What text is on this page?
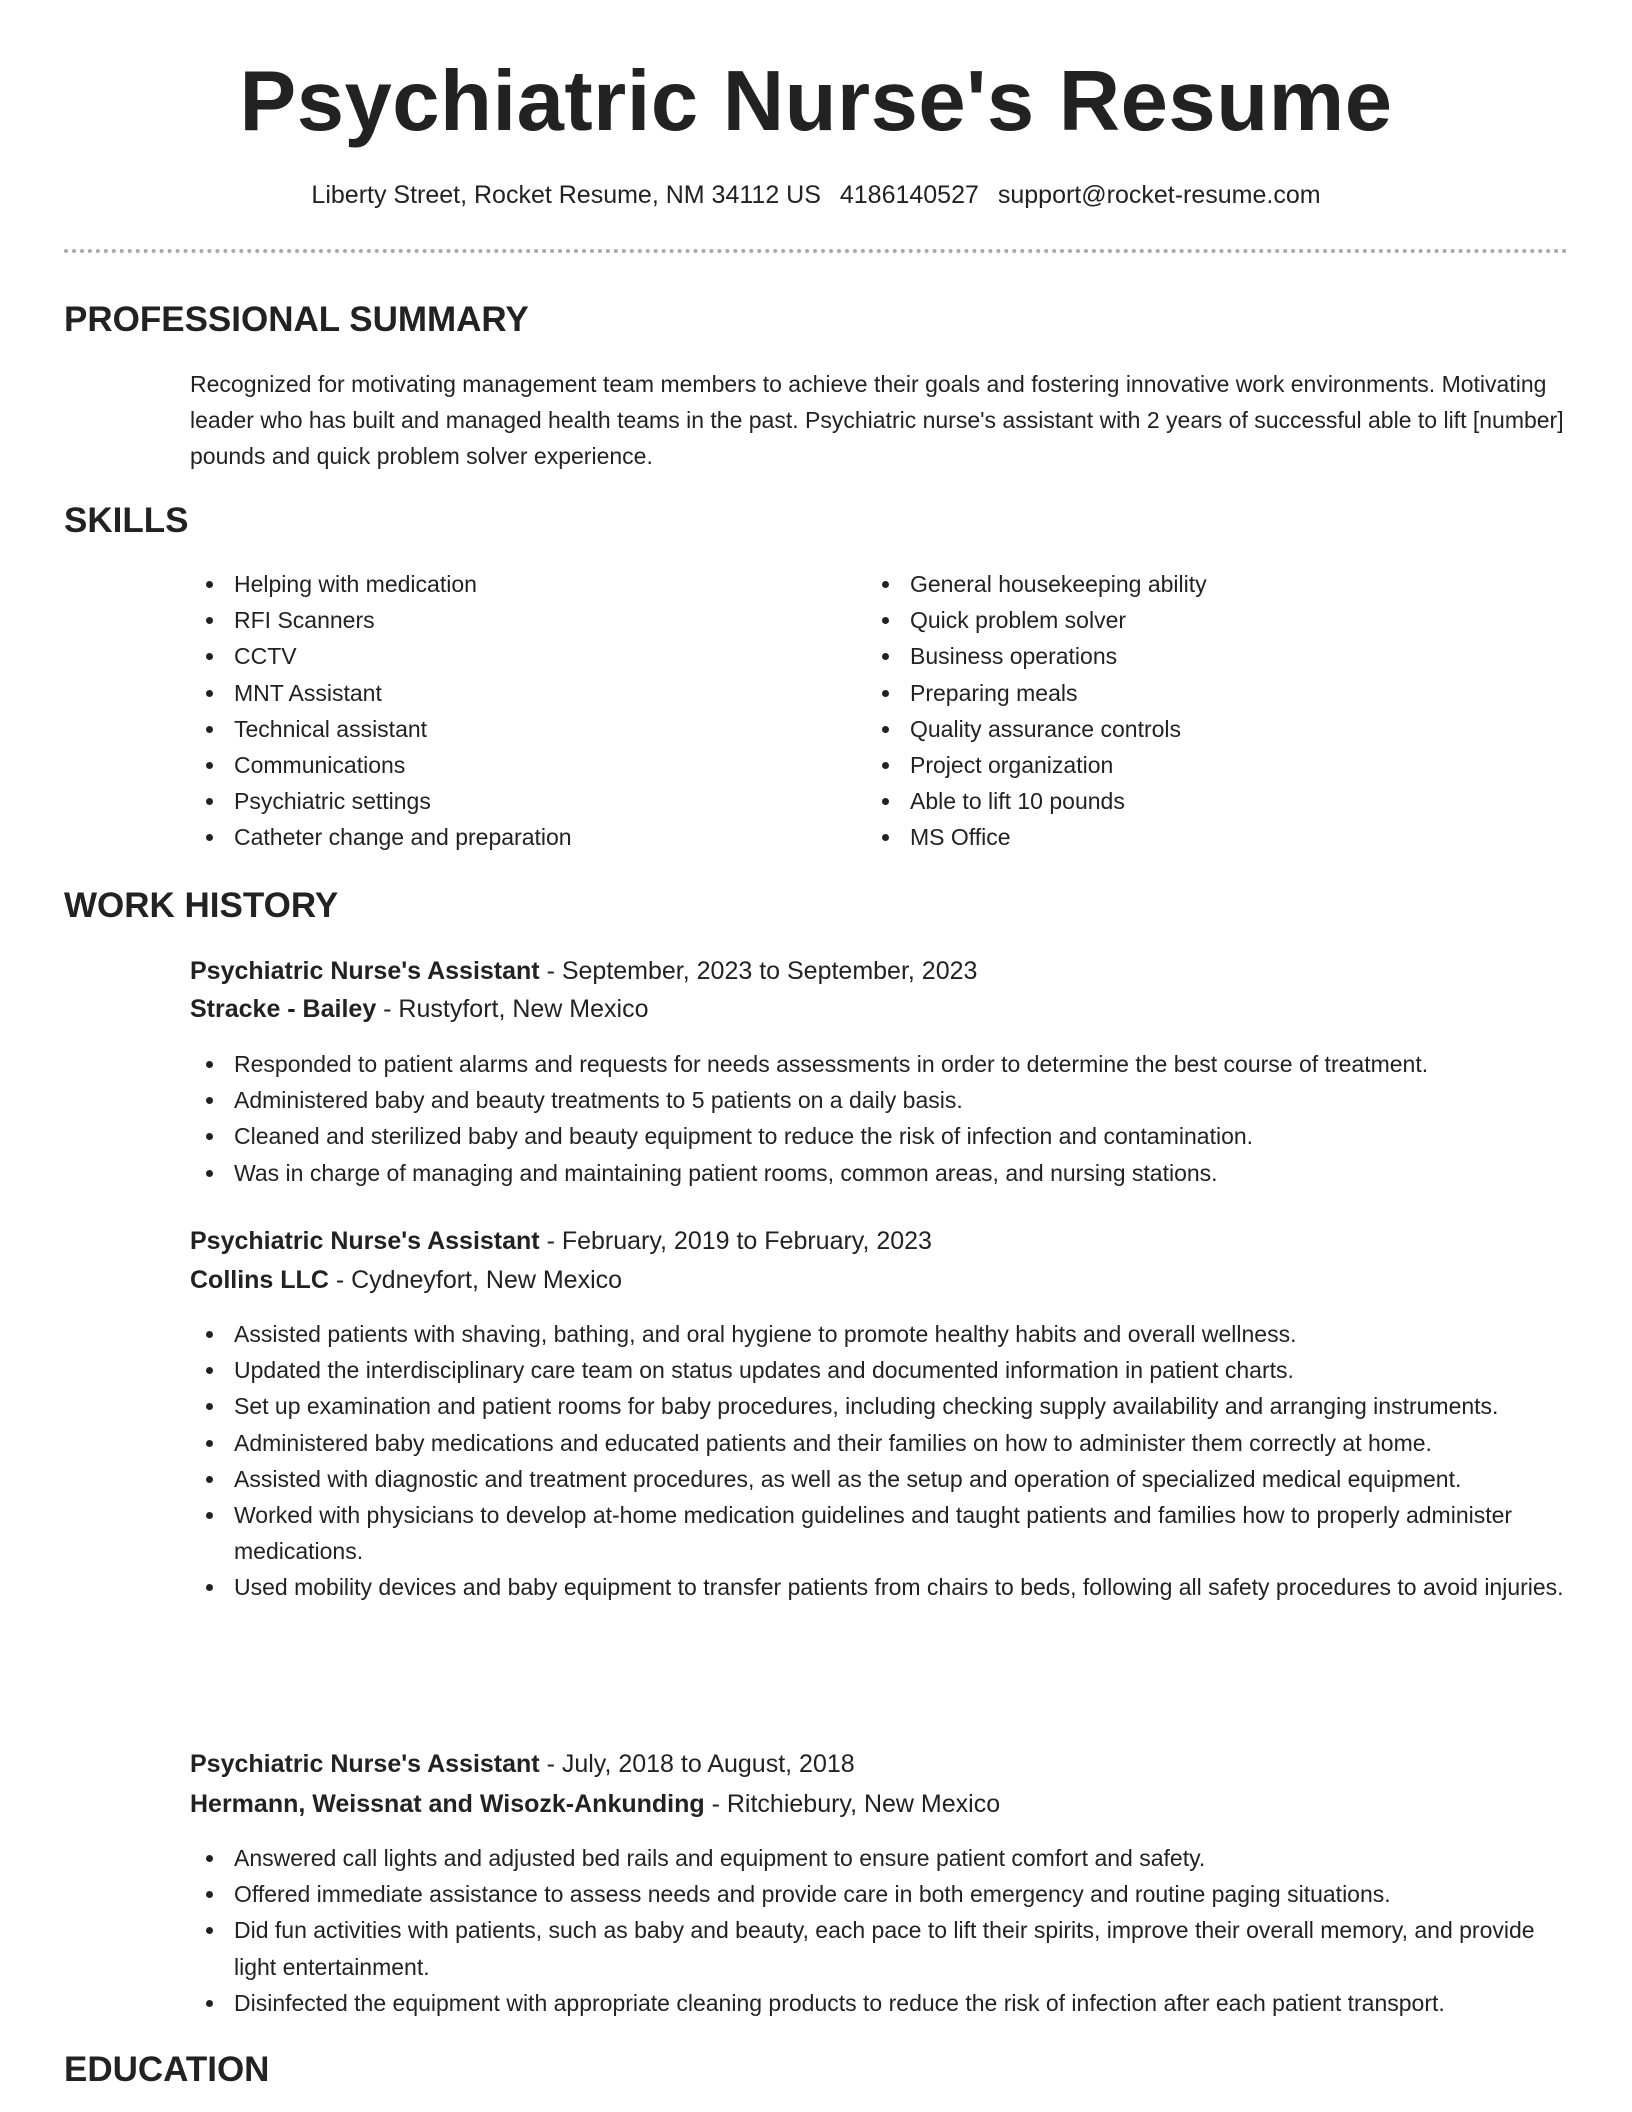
Psychiatric Nurse's Resume
Liberty Street, Rocket Resume, NM 34112 US 4186140527 support@rocket-resume.com
PROFESSIONAL SUMMARY

Recognized for motivating management team members to achieve their goals and fostering innovative work environments. Motivating leader who has built and managed health teams in the past. Psychiatric nurse's assistant with 2 years of successful able to lift [number] pounds and quick problem solver experience.

SKILLS
Helping with medication
RFI Scanners
CCTV
MNT Assistant
Technical assistant
Communications
Psychiatric settings
Catheter change and preparation
General housekeeping ability
Quick problem solver
Business operations
Preparing meals
Quality assurance controls
Project organization
Able to lift 10 pounds
MS Office
WORK HISTORY
Psychiatric Nurse's Assistant - September, 2023 to September, 2023
Stracke - Bailey - Rustyfort, New Mexico
Responded to patient alarms and requests for needs assessments in order to determine the best course of treatment.
Administered baby and beauty treatments to 5 patients on a daily basis.
Cleaned and sterilized baby and beauty equipment to reduce the risk of infection and contamination.
Was in charge of managing and maintaining patient rooms, common areas, and nursing stations.
Psychiatric Nurse's Assistant - February, 2019 to February, 2023
Collins LLC - Cydneyfort, New Mexico
Assisted patients with shaving, bathing, and oral hygiene to promote healthy habits and overall wellness.
Updated the interdisciplinary care team on status updates and documented information in patient charts.
Set up examination and patient rooms for baby procedures, including checking supply availability and arranging instruments.
Administered baby medications and educated patients and their families on how to administer them correctly at home.
Assisted with diagnostic and treatment procedures, as well as the setup and operation of specialized medical equipment.
Worked with physicians to develop at-home medication guidelines and taught patients and families how to properly administer medications.
Used mobility devices and baby equipment to transfer patients from chairs to beds, following all safety procedures to avoid injuries.
Psychiatric Nurse's Assistant - July, 2018 to August, 2018
Hermann, Weissnat and Wisozk-Ankunding - Ritchiebury, New Mexico
Answered call lights and adjusted bed rails and equipment to ensure patient comfort and safety.
Offered immediate assistance to assess needs and provide care in both emergency and routine paging situations.
Did fun activities with patients, such as baby and beauty, each pace to lift their spirits, improve their overall memory, and provide light entertainment.
Disinfected the equipment with appropriate cleaning products to reduce the risk of infection after each patient transport.
EDUCATION
